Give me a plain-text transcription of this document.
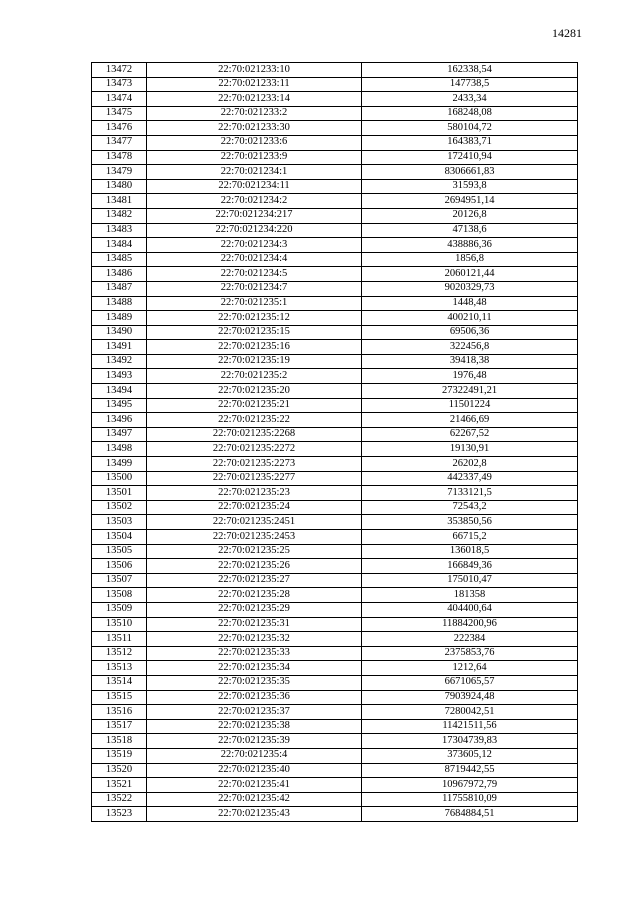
14281
13472	22:70:021233:10	162338,54
13473	22:70:021233:11	147738,5
13474	22:70:021233:14	2433,34
13475	22:70:021233:2	168248,08
13476	22:70:021233:30	580104,72
13477	22:70:021233:6	164383,71
13478	22:70:021233:9	172410,94
13479	22:70:021234:1	8306661,83
13480	22:70:021234:11	31593,8
13481	22:70:021234:2	2694951,14
13482	22:70:021234:217	20126,8
13483	22:70:021234:220	47138,6
13484	22:70:021234:3	438886,36
13485	22:70:021234:4	1856,8
13486	22:70:021234:5	2060121,44
13487	22:70:021234:7	9020329,73
13488	22:70:021235:1	1448,48
13489	22:70:021235:12	400210,11
13490	22:70:021235:15	69506,36
13491	22:70:021235:16	322456,8
13492	22:70:021235:19	39418,38
13493	22:70:021235:2	1976,48
13494	22:70:021235:20	27322491,21
13495	22:70:021235:21	11501224
13496	22:70:021235:22	21466,69
13497	22:70:021235:2268	62267,52
13498	22:70:021235:2272	19130,91
13499	22:70:021235:2273	26202,8
13500	22:70:021235:2277	442337,49
13501	22:70:021235:23	7133121,5
13502	22:70:021235:24	72543,2
13503	22:70:021235:2451	353850,56
13504	22:70:021235:2453	66715,2
13505	22:70:021235:25	136018,5
13506	22:70:021235:26	166849,36
13507	22:70:021235:27	175010,47
13508	22:70:021235:28	181358
13509	22:70:021235:29	404400,64
13510	22:70:021235:31	11884200,96
13511	22:70:021235:32	222384
13512	22:70:021235:33	2375853,76
13513	22:70:021235:34	1212,64
13514	22:70:021235:35	6671065,57
13515	22:70:021235:36	7903924,48
13516	22:70:021235:37	7280042,51
13517	22:70:021235:38	11421511,56
13518	22:70:021235:39	17304739,83
13519	22:70:021235:4	373605,12
13520	22:70:021235:40	8719442,55
13521	22:70:021235:41	10967972,79
13522	22:70:021235:42	11755810,09
13523	22:70:021235:43	7684884,51
